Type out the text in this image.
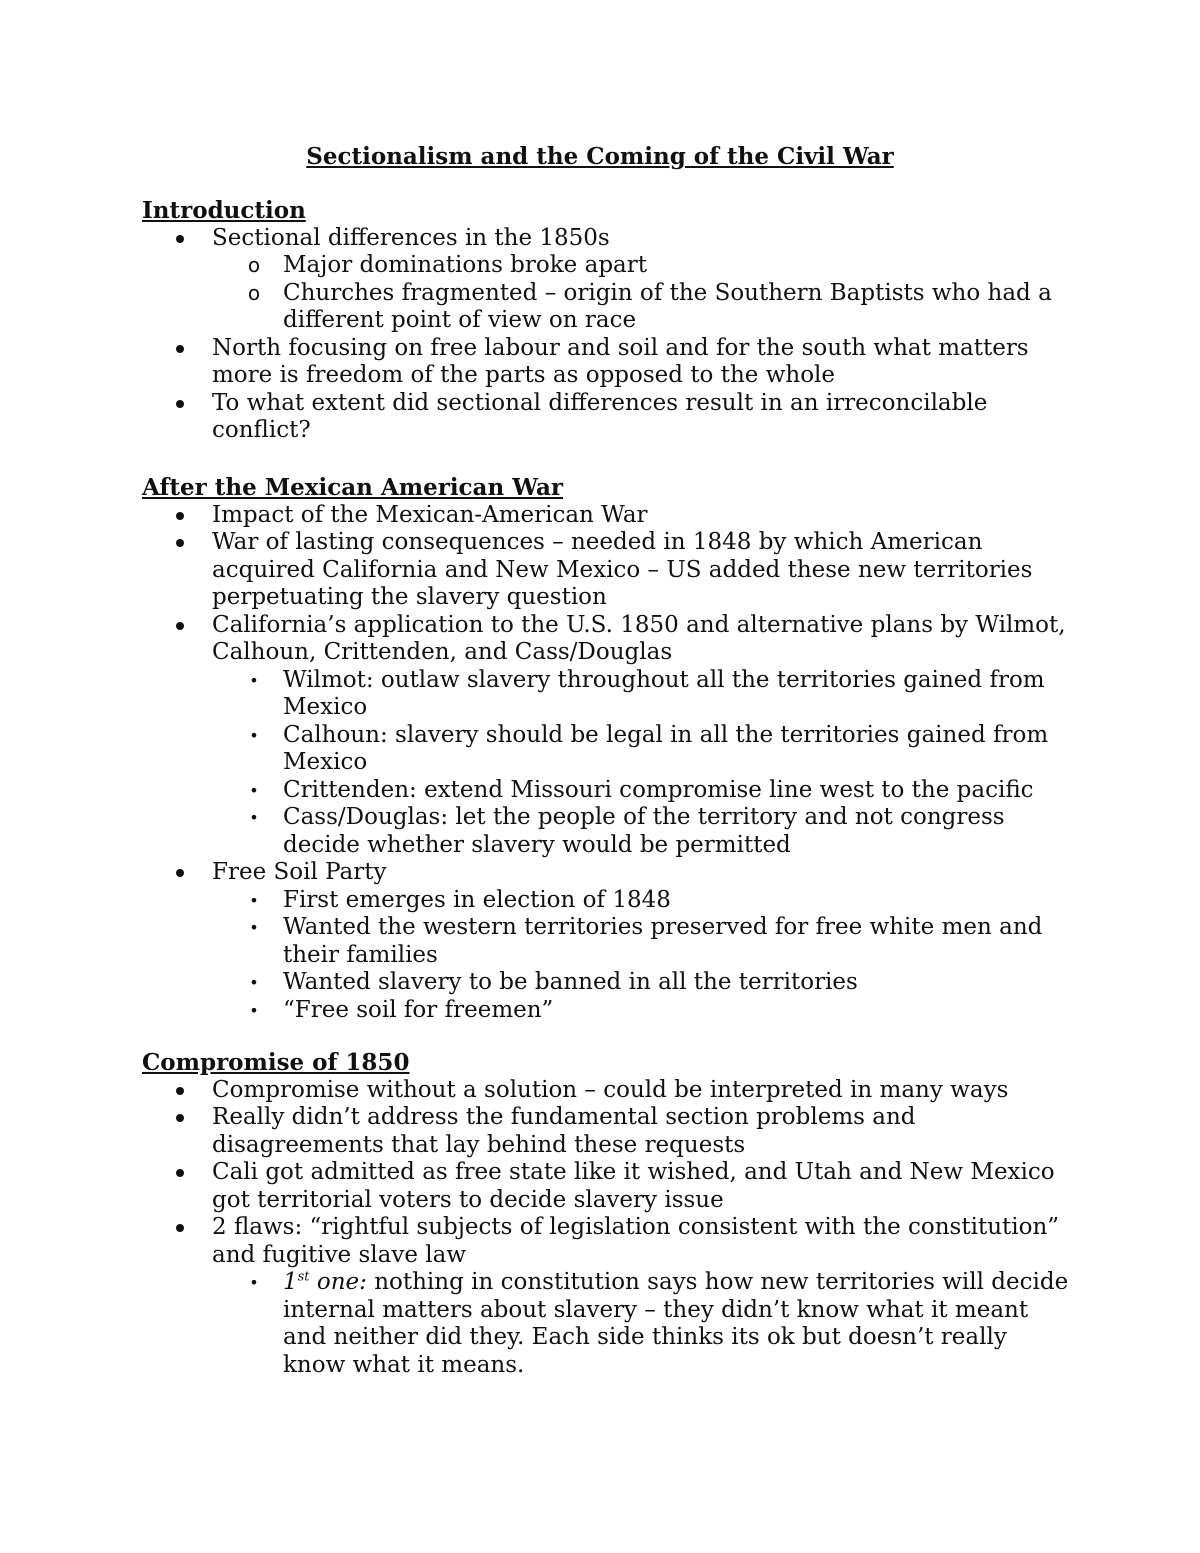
Sectionalism and the Coming of the Civil War
Introduction
Sectional differences in the 1850s
o Major dominations broke apart
o Churches fragmented – origin of the Southern Baptists who had a different point of view on race
North focusing on free labour and soil and for the south what matters more is freedom of the parts as opposed to the whole
To what extent did sectional differences result in an irreconcilable conflict?
After the Mexican American War
Impact of the Mexican-American War
War of lasting consequences – needed in 1848 by which American acquired California and New Mexico – US added these new territories perpetuating the slavery question
California’s application to the U.S. 1850 and alternative plans by Wilmot, Calhoun, Crittenden, and Cass/Douglas
• Wilmot: outlaw slavery throughout all the territories gained from Mexico
• Calhoun: slavery should be legal in all the territories gained from Mexico
• Crittenden: extend Missouri compromise line west to the pacific
• Cass/Douglas: let the people of the territory and not congress decide whether slavery would be permitted
Free Soil Party
• First emerges in election of 1848
• Wanted the western territories preserved for free white men and their families
• Wanted slavery to be banned in all the territories
• “Free soil for freemen”
Compromise of 1850
Compromise without a solution – could be interpreted in many ways
Really didn’t address the fundamental section problems and disagreements that lay behind these requests
Cali got admitted as free state like it wished, and Utah and New Mexico got territorial voters to decide slavery issue
2 flaws: “rightful subjects of legislation consistent with the constitution” and fugitive slave law
• 1st one: nothing in constitution says how new territories will decide internal matters about slavery – they didn’t know what it meant and neither did they. Each side thinks its ok but doesn’t really know what it means.
